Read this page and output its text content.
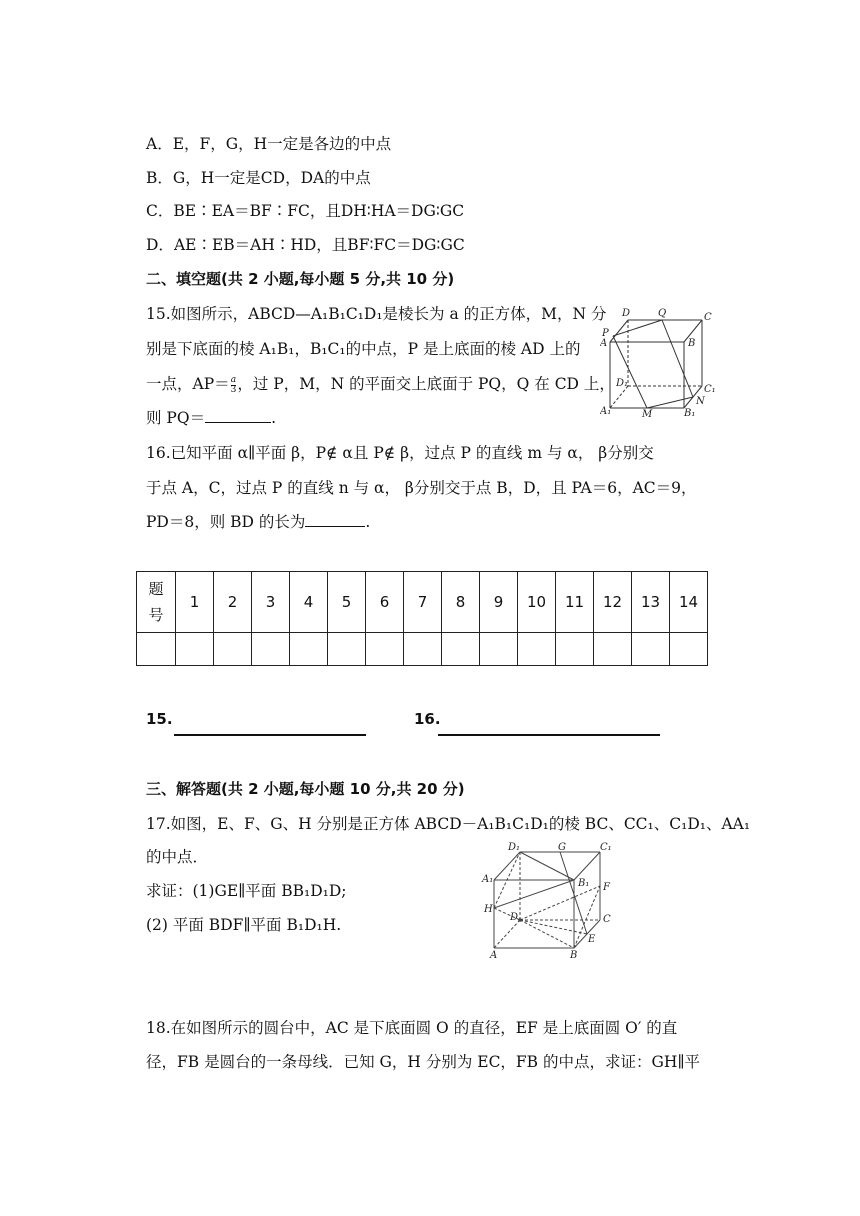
A．E，F，G，H一定是各边的中点
B．G，H一定是CD，DA的中点
C．BE∶EA＝BF∶FC，且DH∶HA＝DG∶GC
D．AE∶EB＝AH∶HD，且BF∶FC＝DG∶GC
二、填空题(共 2 小题,每小题 5 分,共 10 分)
15.如图所示，ABCD—A₁B₁C₁D₁是棱长为 a 的正方体，M，N 分
别是下底面的棱 A₁B₁，B₁C₁的中点，P 是上底面的棱 AD 上的
一点，$AP= \frac{a}{3}$ ，过 P，M，N 的平面交上底面于 PQ，Q 在 CD 上，
则 PQ＝	.
D	Q	C
P
A	B
D₁
C₁
N
A₁	M	B₁
16.已知平面 α∥平面 β，P∉ α且 P∉ β，过点 P 的直线 m 与 α， β分别交
于点 A，C，过点 P 的直线 n 与 α， β分别交于点 B，D，且 PA＝6，AC＝9，
PD＝8，则 BD 的长为	.
题
号	1	2	3	4	5	6	7	8	9	10	11	12	13	14

15.	16.
三、解答题(共 2 小题,每小题 10 分,共 20 分)
17.如图，E、F、G、H 分别是正方体 ABCD－A₁B₁C₁D₁的棱 BC、CC₁、C₁D₁、AA₁
的中点．
求证：(1)GE∥平面 BB₁D₁D;
(2) 平面 BDF∥平面 B₁D₁H.
D₁	G	C₁
A₁	B₁ F
H
D	C
E
A	B
18.在如图所示的圆台中，AC 是下底面圆 O 的直径，EF 是上底面圆 O′ 的直
径，FB 是圆台的一条母线．已知 G，H 分别为 EC，FB 的中点，求证：GH∥平
